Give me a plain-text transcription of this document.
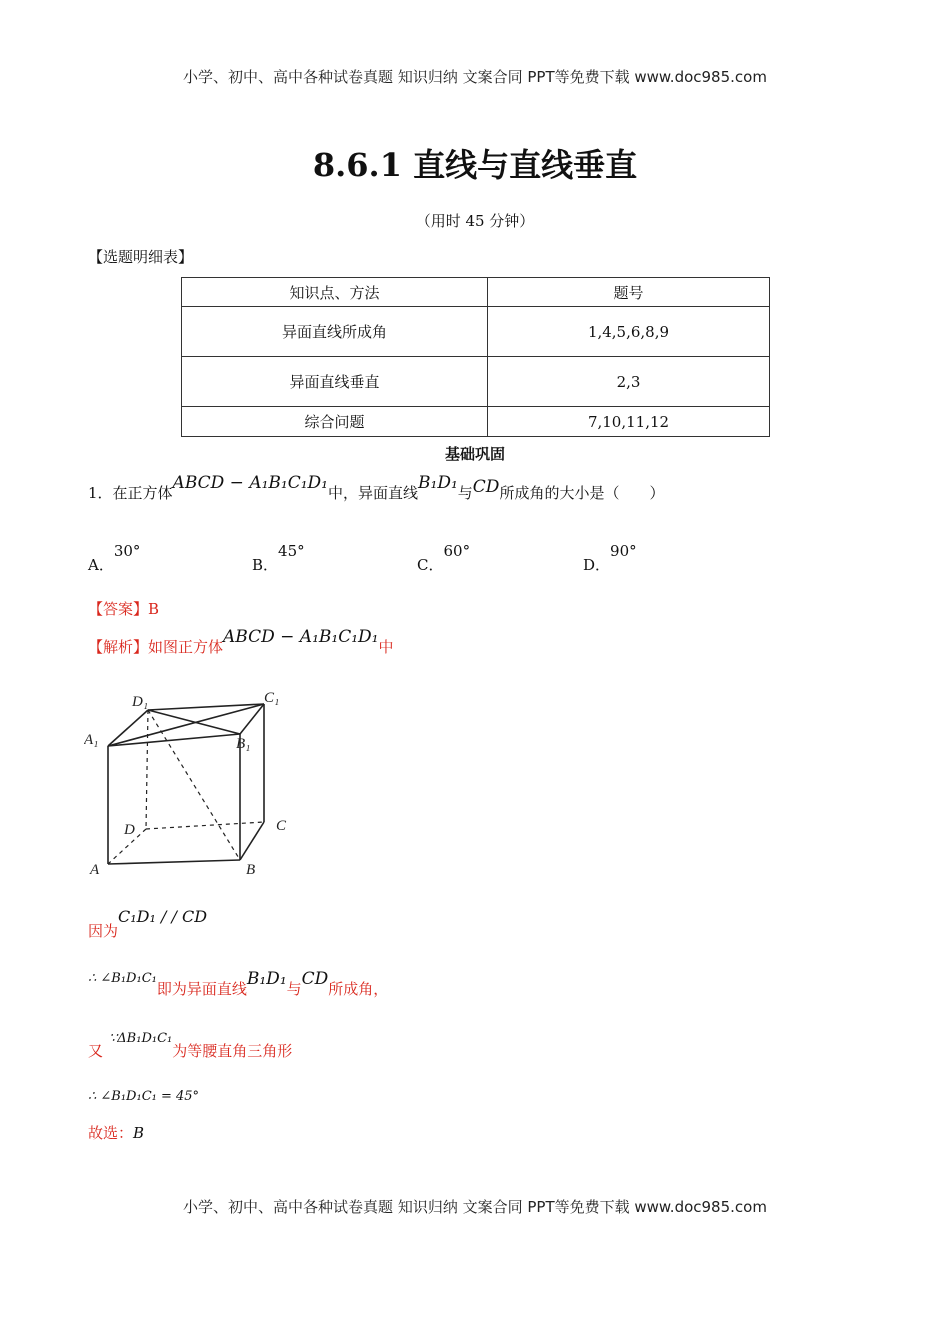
小学、初中、高中各种试卷真题 知识归纳 文案合同 PPT等免费下载 www.doc985.com
8.6.1 直线与直线垂直
（用时 45 分钟）
【选题明细表】
知识点、方法	题号
异面直线所成角	1,4,5,6,8,9
异面直线垂直	2,3
综合问题	7,10,11,12
基础巩固
1．在正方体ABCD − A₁B₁C₁D₁中，异面直线B₁D₁与CD所成角的大小是（　　）
A．30°
B．45°
C．60°
D．90°
【答案】B
【解析】如图正方体ABCD − A₁B₁C₁D₁中
D₁	C₁
A₁	B₁
D	C
A	B
因为C₁D₁ / / CD
∴ ∠B₁D₁C₁即为异面直线B₁D₁与CD所成角，
又∵ΔB₁D₁C₁为等腰直角三角形
∴ ∠B₁D₁C₁ = 45°
故选：B
小学、初中、高中各种试卷真题 知识归纳 文案合同 PPT等免费下载 www.doc985.com
